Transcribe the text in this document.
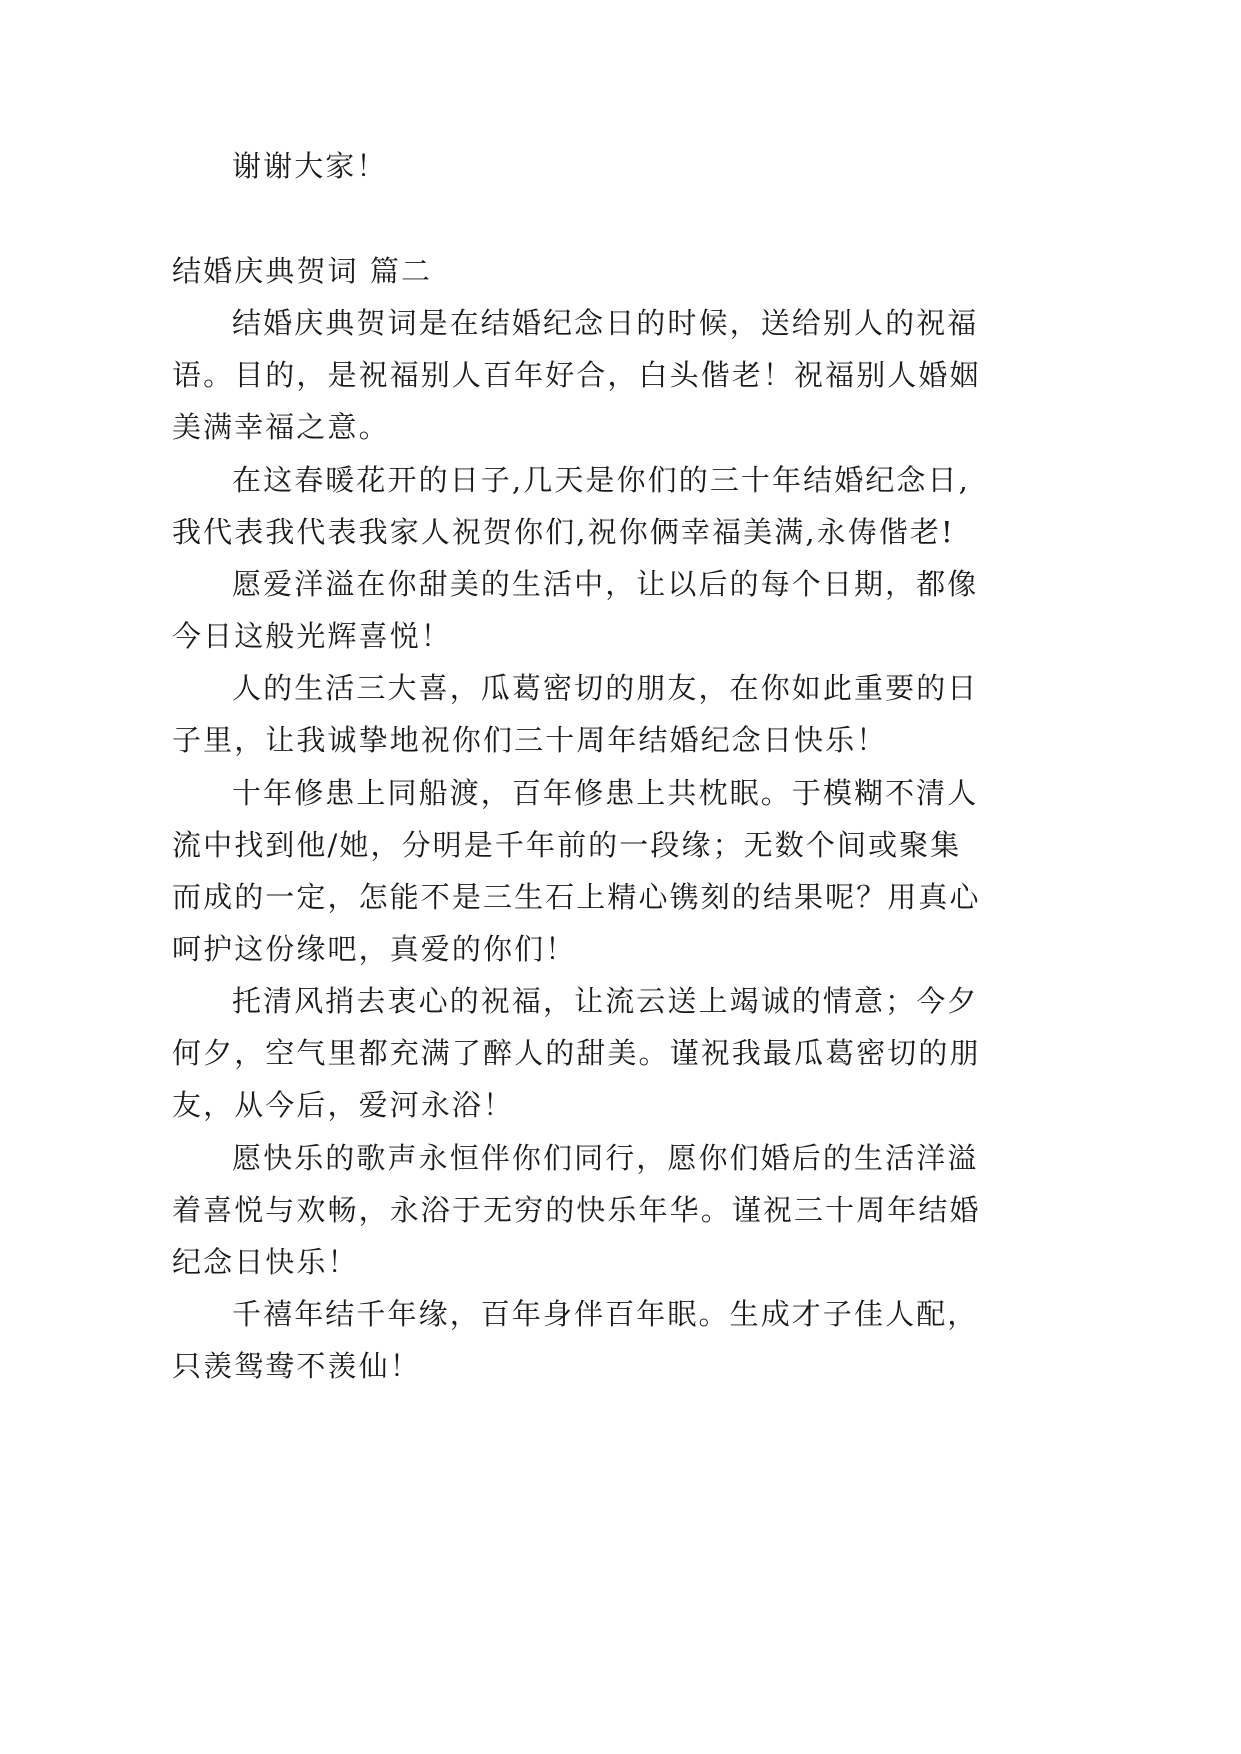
谢谢大家！
结婚庆典贺词 篇二
结婚庆典贺词是在结婚纪念日的时候，送给别人的祝福
语。目的，是祝福别人百年好合，白头偕老！祝福别人婚姻
美满幸福之意。
在这春暖花开的日子,几天是你们的三十年结婚纪念日,
我代表我代表我家人祝贺你们,祝你俩幸福美满,永俦偕老!
愿爱洋溢在你甜美的生活中，让以后的每个日期，都像
今日这般光辉喜悦！
人的生活三大喜，瓜葛密切的朋友，在你如此重要的日
子里，让我诚挚地祝你们三十周年结婚纪念日快乐！
十年修患上同船渡，百年修患上共枕眠。于模糊不清人
流中找到他/她，分明是千年前的一段缘；无数个间或聚集
而成的一定，怎能不是三生石上精心镌刻的结果呢？用真心
呵护这份缘吧，真爱的你们！
托清风捎去衷心的祝福，让流云送上竭诚的情意；今夕
何夕，空气里都充满了醉人的甜美。谨祝我最瓜葛密切的朋
友，从今后，爱河永浴！
愿快乐的歌声永恒伴你们同行，愿你们婚后的生活洋溢
着喜悦与欢畅，永浴于无穷的快乐年华。谨祝三十周年结婚
纪念日快乐！
千禧年结千年缘，百年身伴百年眠。生成才子佳人配，
只羡鸳鸯不羡仙！
